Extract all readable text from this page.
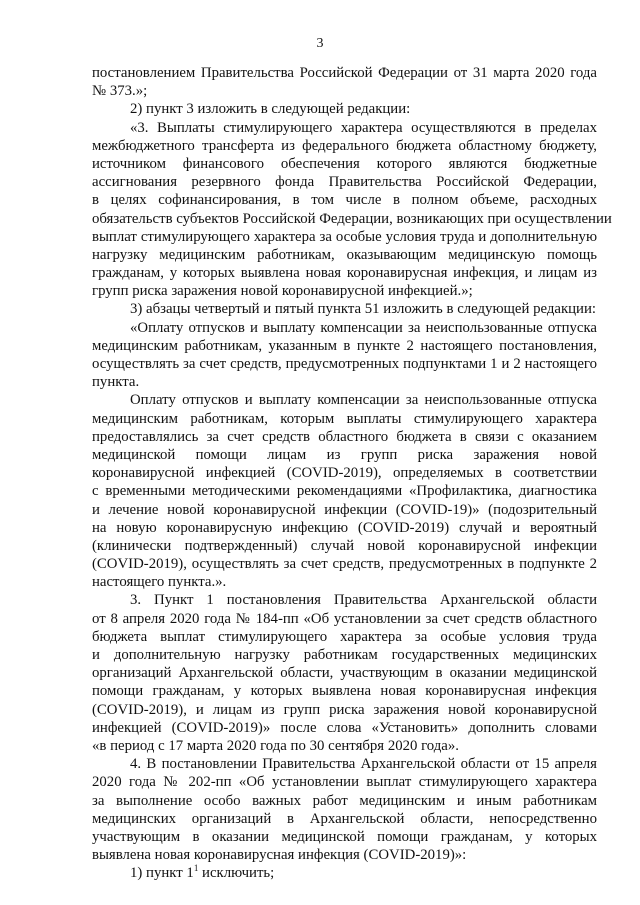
3
постановлением Правительства Российской Федерации от 31 марта 2020 года
№ 373.»;
2) пункт 3 изложить в следующей редакции:
«3. Выплаты стимулирующего характера осуществляются в пределах
межбюджетного трансферта из федерального бюджета областному бюджету,
источником финансового обеспечения которого являются бюджетные
ассигнования резервного фонда Правительства Российской Федерации,
в целях софинансирования, в том числе в полном объеме, расходных
обязательств субъектов Российской Федерации, возникающих при осуществлении
выплат стимулирующего характера за особые условия труда и дополнительную
нагрузку медицинским работникам, оказывающим медицинскую помощь
гражданам, у которых выявлена новая коронавирусная инфекция, и лицам из
групп риска заражения новой коронавирусной инфекцией.»;
3) абзацы четвертый и пятый пункта 51 изложить в следующей редакции:
«Оплату отпусков и выплату компенсации за неиспользованные отпуска
медицинским работникам, указанным в пункте 2 настоящего постановления,
осуществлять за счет средств, предусмотренных подпунктами 1 и 2 настоящего
пункта.
Оплату отпусков и выплату компенсации за неиспользованные отпуска
медицинским работникам, которым выплаты стимулирующего характера
предоставлялись за счет средств областного бюджета в связи с оказанием
медицинской помощи лицам из групп риска заражения новой
коронавирусной инфекцией (COVID-2019), определяемых в соответствии
с временными методическими рекомендациями «Профилактика, диагностика
и лечение новой коронавирусной инфекции (COVID-19)» (подозрительный
на новую коронавирусную инфекцию (COVID-2019) случай и вероятный
(клинически подтвержденный) случай новой коронавирусной инфекции
(COVID-2019), осуществлять за счет средств, предусмотренных в подпункте 2
настоящего пункта.».
3. Пункт 1 постановления Правительства Архангельской области
от 8 апреля 2020 года № 184-пп «Об установлении за счет средств областного
бюджета выплат стимулирующего характера за особые условия труда
и дополнительную нагрузку работникам государственных медицинских
организаций Архангельской области, участвующим в оказании медицинской
помощи гражданам, у которых выявлена новая коронавирусная инфекция
(COVID-2019), и лицам из групп риска заражения новой коронавирусной
инфекцией (COVID-2019)» после слова «Установить» дополнить словами
«в период с 17 марта 2020 года по 30 сентября 2020 года».
4. В постановлении Правительства Архангельской области от 15 апреля
2020 года № 202-пп «Об установлении выплат стимулирующего характера
за выполнение особо важных работ медицинским и иным работникам
медицинских организаций в Архангельской области, непосредственно
участвующим в оказании медицинской помощи гражданам, у которых
выявлена новая коронавирусная инфекция (COVID-2019)»:
1) пункт $1^1$ исключить;
